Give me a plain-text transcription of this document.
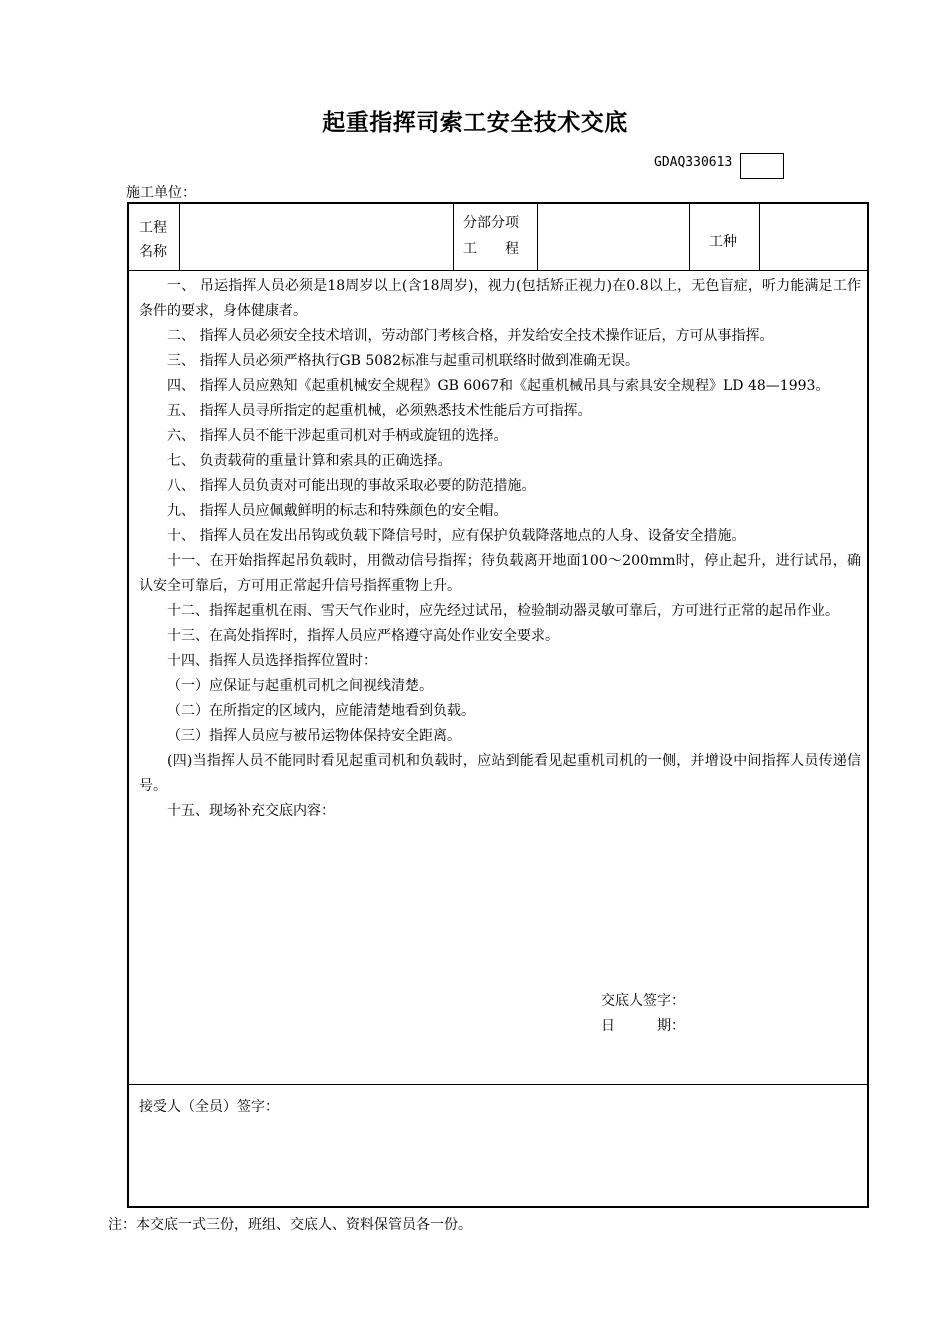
起重指挥司索工安全技术交底
GDAQ330613
施工单位：
工程
名称
分部分项
工　　程	工种

一、 吊运指挥人员必须是18周岁以上(含18周岁)，视力(包括矫正视力)在0.8以上，无色盲症，听力能满足工作条件的要求，身体健康者。

二、 指挥人员必须安全技术培训，劳动部门考核合格，并发给安全技术操作证后，方可从事指挥。

三、 指挥人员必须严格执行GB 5082标准与起重司机联络时做到准确无误。

四、 指挥人员应熟知《起重机械安全规程》GB 6067和《起重机械吊具与索具安全规程》LD 48—1993。

五、 指挥人员寻所指定的起重机械，必须熟悉技术性能后方可指挥。

六、 指挥人员不能干涉起重司机对手柄或旋钮的选择。

七、 负责载荷的重量计算和索具的正确选择。

八、 指挥人员负责对可能出现的事故采取必要的防范措施。

九、 指挥人员应佩戴鲜明的标志和特殊颜色的安全帽。

十、 指挥人员在发出吊钩或负载下降信号时，应有保护负载降落地点的人身、设备安全措施。

十一、在开始指挥起吊负载时，用微动信号指挥；待负载离开地面100～200mm时，停止起升，进行试吊，确认安全可靠后，方可用正常起升信号指挥重物上升。

十二、指挥起重机在雨、雪天气作业时，应先经过试吊，检验制动器灵敏可靠后，方可进行正常的起吊作业。

十三、在高处指挥时，指挥人员应严格遵守高处作业安全要求。

十四、指挥人员选择指挥位置时：

（一）应保证与起重机司机之间视线清楚。

（二）在所指定的区域内，应能清楚地看到负载。

（三）指挥人员应与被吊运物体保持安全距离。

(四)当指挥人员不能同时看见起重司机和负载时，应站到能看见起重机司机的一侧，并增设中间指挥人员传递信号。

十五、现场补充交底内容：

交底人签字：
日　　　期：
接受人（全员）签字：
注：本交底一式三份，班组、交底人、资料保管员各一份。
